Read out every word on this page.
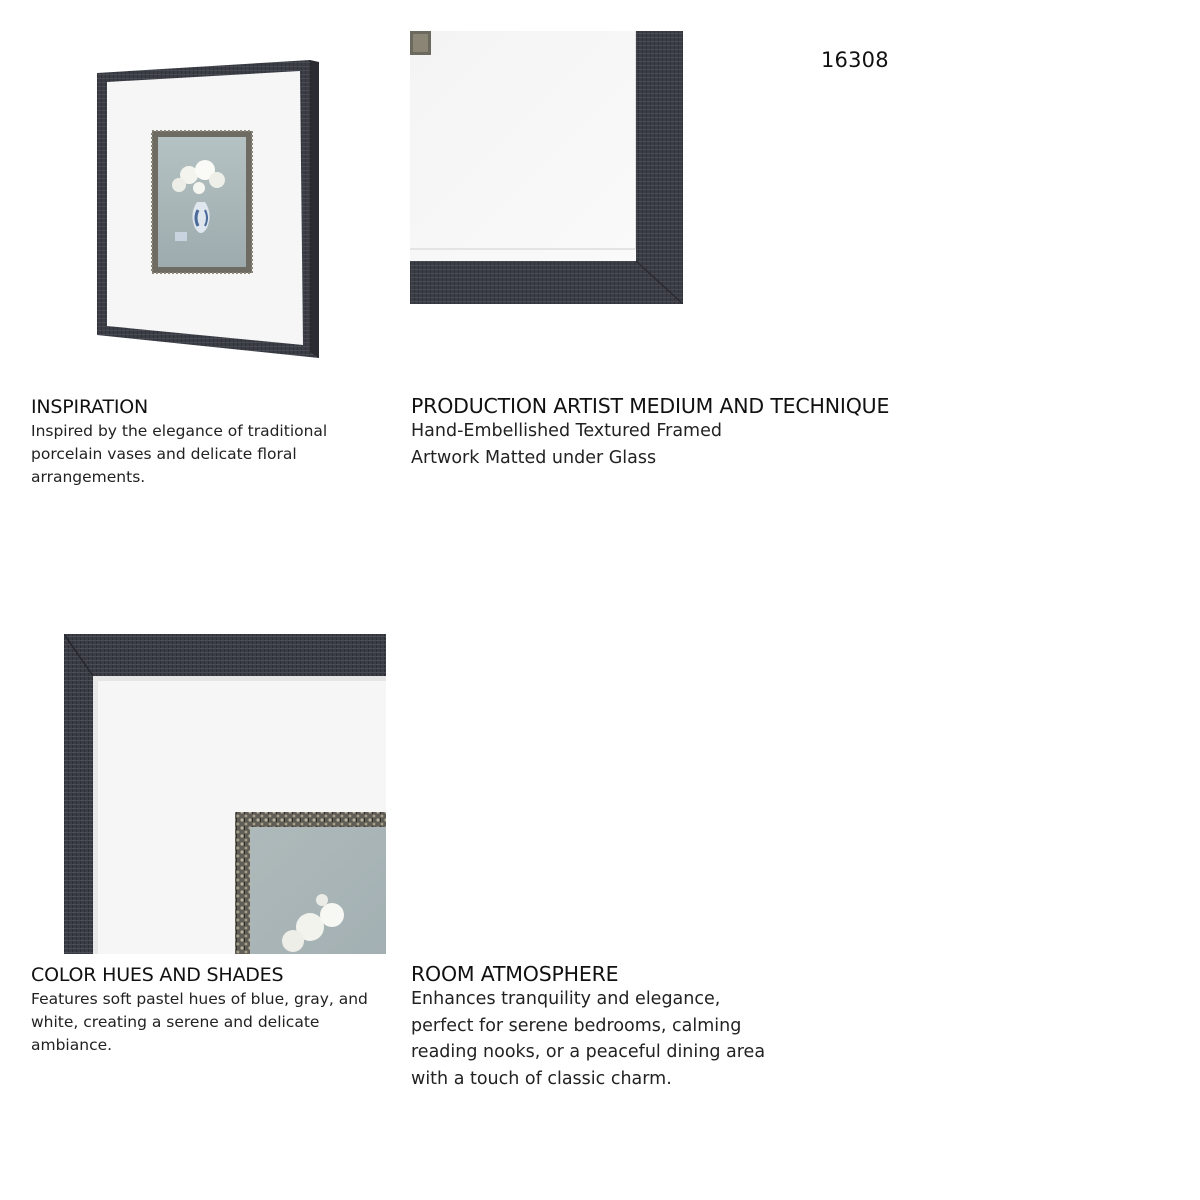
16308
INSPIRATION
Inspired by the elegance of traditional
porcelain vases and delicate floral
arrangements.
PRODUCTION ARTIST MEDIUM AND TECHNIQUE
Hand-Embellished Textured Framed
Artwork Matted under Glass
COLOR HUES AND SHADES
Features soft pastel hues of blue, gray, and
white, creating a serene and delicate
ambiance.
ROOM ATMOSPHERE
Enhances tranquility and elegance,
perfect for serene bedrooms, calming
reading nooks, or a peaceful dining area
with a touch of classic charm.
